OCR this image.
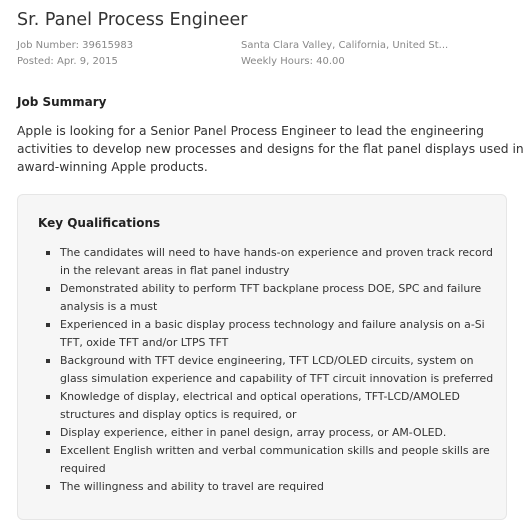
Sr. Panel Process Engineer
Job Number: 39615983
Posted: Apr. 9, 2015
Santa Clara Valley, California, United St...
Weekly Hours: 40.00
Job Summary
Apple is looking for a Senior Panel Process Engineer to lead the engineering
activities to develop new processes and designs for the flat panel displays used in
award-winning Apple products.
Key Qualifications
The candidates will need to have hands-on experience and proven track record
in the relevant areas in flat panel industry
Demonstrated ability to perform TFT backplane process DOE, SPC and failure
analysis is a must
Experienced in a basic display process technology and failure analysis on a-Si
TFT, oxide TFT and/or LTPS TFT
Background with TFT device engineering, TFT LCD/OLED circuits, system on
glass simulation experience and capability of TFT circuit innovation is preferred
Knowledge of display, electrical and optical operations, TFT-LCD/AMOLED
structures and display optics is required, or
Display experience, either in panel design, array process, or AM-OLED.
Excellent English written and verbal communication skills and people skills are
required
The willingness and ability to travel are required
